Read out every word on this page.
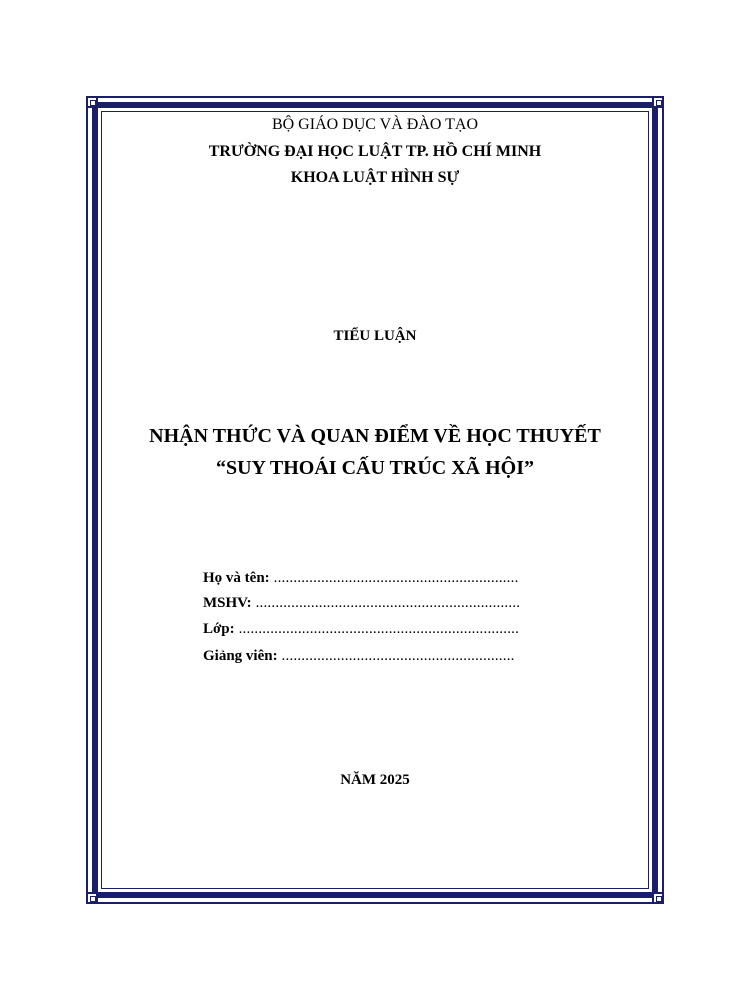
BỘ GIÁO DỤC VÀ ĐÀO TẠO
TRƯỜNG ĐẠI HỌC LUẬT TP. HỒ CHÍ MINH
KHOA LUẬT HÌNH SỰ
TIỂU LUẬN
NHẬN THỨC VÀ QUAN ĐIỂM VỀ HỌC THUYẾT
“SUY THOÁI CẤU TRÚC XÃ HỘI”
Họ và tên: ..............................................................
MSHV: ...................................................................
Lớp: .......................................................................
Giảng viên: ...........................................................
NĂM 2025
